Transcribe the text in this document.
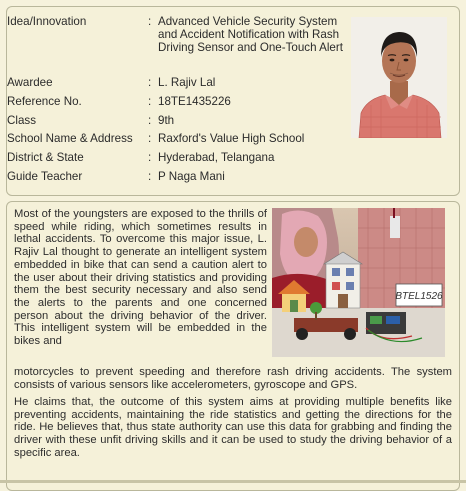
Idea/Innovation	: Advanced Vehicle Security System and Accident Notification with Rash Driving Sensor and One-Touch Alert
Awardee	: L. Rajiv Lal
Reference No.	: 18TE1435226
Class	: 9th
School Name & Address : Raxford's Value High School
District & State	: Hyderabad, Telangana
Guide Teacher	: P Naga Mani
Most of the youngsters are exposed to the thrills of speed while riding, which sometimes results in lethal accidents. To overcome this major issue, L. Rajiv Lal thought to generate an intelligent system embedded in bike that can send a caution alert to the user about their driving statistics and providing them the best security necessary and also send the alerts to the parents and one concerned person about the driving behavior of the driver. This intelligent system will be embedded in the bikes and
motorcycles to prevent speeding and therefore rash driving accidents. The system consists of various sensors like accelerometers, gyroscope and GPS.
He claims that, the outcome of this system aims at providing multiple benefits like preventing accidents, maintaining the ride statistics and getting the directions for the ride. He believes that, thus state authority can use this data for grabbing and finding the driver with these unfit driving skills and it can be used to study the driving behavior of a specific area.
BTEL1526
